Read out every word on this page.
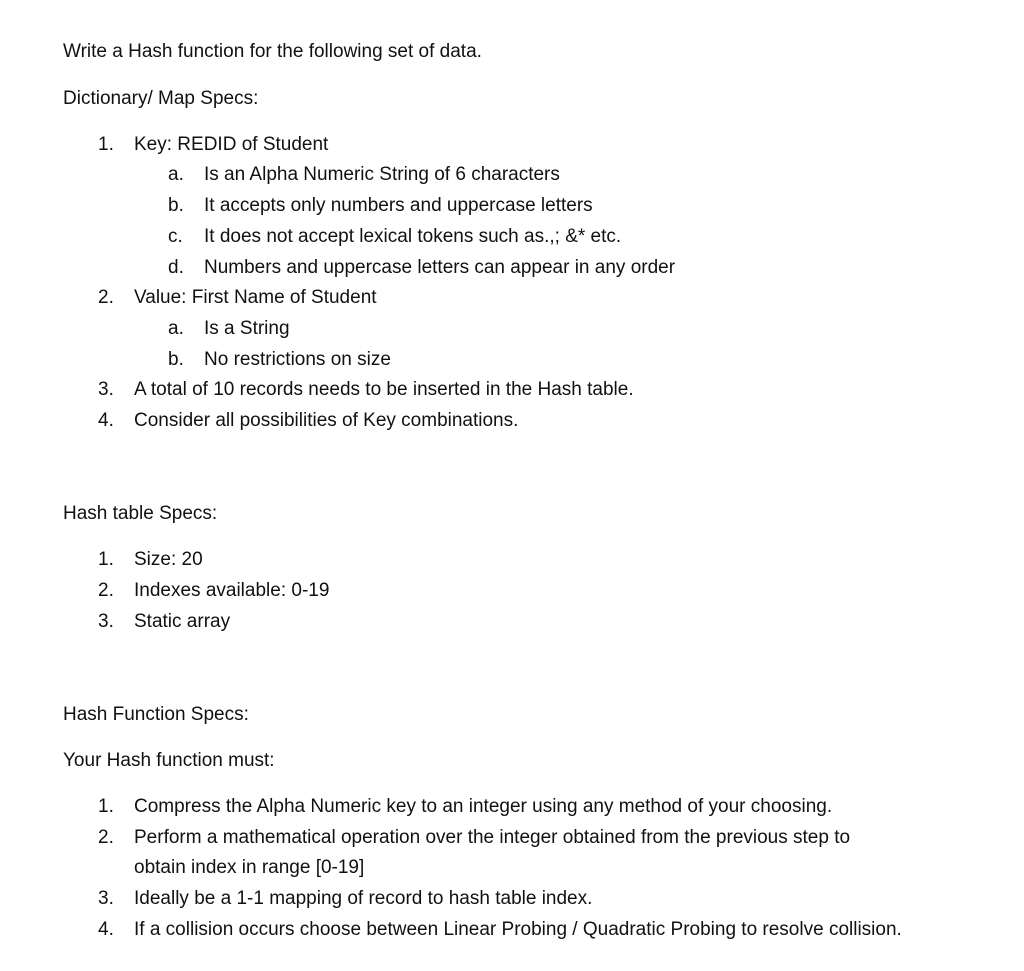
Write a Hash function for the following set of data.
Dictionary/ Map Specs:
1. Key: REDID of Student
a. Is an Alpha Numeric String of 6 characters
b. It accepts only numbers and uppercase letters
c. It does not accept lexical tokens such as.,; &* etc.
d. Numbers and uppercase letters can appear in any order
2. Value: First Name of Student
a. Is a String
b. No restrictions on size
3. A total of 10 records needs to be inserted in the Hash table.
4. Consider all possibilities of Key combinations.
Hash table Specs:
1. Size: 20
2. Indexes available: 0-19
3. Static array
Hash Function Specs:
Your Hash function must:
1. Compress the Alpha Numeric key to an integer using any method of your choosing.
2. Perform a mathematical operation over the integer obtained from the previous step to
obtain index in range [0-19]
3. Ideally be a 1-1 mapping of record to hash table index.
4. If a collision occurs choose between Linear Probing / Quadratic Probing to resolve collision.
